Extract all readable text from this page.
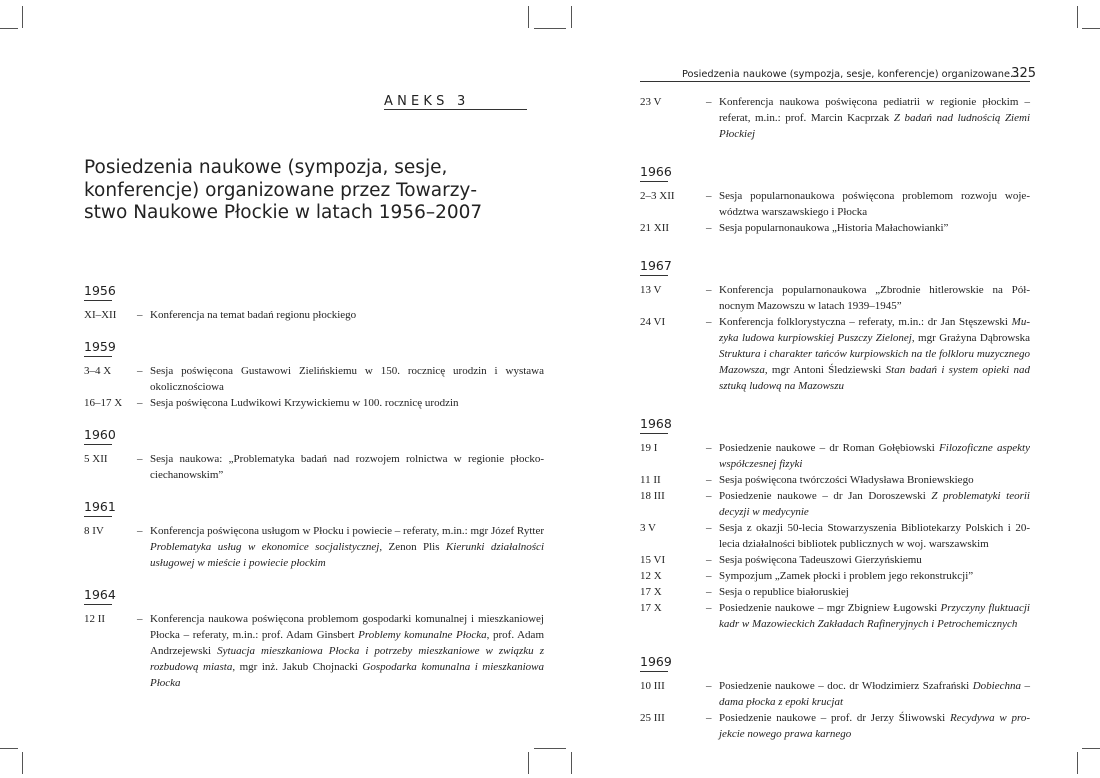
ANEKS 3
Posiedzenia naukowe (sympozja, sesje, konferencje) organizowane przez Towarzystwo Naukowe Płockie w latach 1956–2007
1956
XI–XII	– Konferencja na temat badań regionu płockiego
1959
3–4 X	– Sesja poświęcona Gustawowi Zielińskiemu w 150. rocznicę urodzin i wystawa okolicznościowa
16–17 X	– Sesja poświęcona Ludwikowi Krzywickiemu w 100. rocznicę urodzin
1960
5 XII	– Sesja naukowa: „Problematyka badań nad rozwojem rolnictwa w regionie płocko-ciechanowskim”
1961
8 IV	– Konferencja poświęcona usługom w Płocku i powiecie – referaty, m.in.: mgr Józef Rytter Problematyka usług w ekonomice socjalistycznej, Zenon Plis Kierunki działalności usługowej w mieście i powiecie płockim
1964
12 II	– Konferencja naukowa poświęcona problemom gospodarki komunalnej i mieszkaniowej Płocka – referaty, m.in.: prof. Adam Ginsbert Problemy komunalne Płocka, prof. Adam Andrzejewski Sytuacja mieszkaniowa Płocka i potrzeby mieszkaniowe w związku z rozbudową miasta, mgr inż. Jakub Chojnacki Gospodarka komunalna i mieszkaniowa Płocka
Posiedzenia naukowe (sympozja, sesje, konferencje) organizowane...
325
23 V	– Konferencja naukowa poświęcona pediatrii w regionie płockim – referat, m.in.: prof. Marcin Kacprzak Z badań nad ludnością Ziemi Płockiej
1966
2–3 XII	– Sesja popularnonaukowa poświęcona problemom rozwoju województwa warszawskiego i Płocka
21 XII	– Sesja popularnonaukowa „Historia Małachowianki”
1967
13 V	– Konferencja popularnonaukowa „Zbrodnie hitlerowskie na Północnym Mazowszu w latach 1939–1945”
24 VI	– Konferencja folklorystyczna – referaty, m.in.: dr Jan Stęszewski Muzyka ludowa kurpiowskiej Puszczy Zielonej, mgr Grażyna Dąbrowska Struktura i charakter tańców kurpiowskich na tle folkloru muzycznego Mazowsza, mgr Antoni Śledziewski Stan badań i system opieki nad sztuką ludową na Mazowszu
1968
19 I	– Posiedzenie naukowe – dr Roman Gołębiowski Filozoficzne aspekty współczesnej fizyki
11 II	– Sesja poświęcona twórczości Władysława Broniewskiego
18 III	– Posiedzenie naukowe – dr Jan Doroszewski Z problematyki teorii decyzji w medycynie
3 V	– Sesja z okazji 50-lecia Stowarzyszenia Bibliotekarzy Polskich i 20-lecia działalności bibliotek publicznych w woj. warszawskim
15 VI	– Sesja poświęcona Tadeuszowi Gierzyńskiemu
12 X	– Sympozjum „Zamek płocki i problem jego rekonstrukcji”
17 X	– Sesja o republice białoruskiej
17 X	– Posiedzenie naukowe – mgr Zbigniew Ługowski Przyczyny fluktuacji kadr w Mazowieckich Zakładach Rafineryjnych i Petrochemicznych
1969
10 III	– Posiedzenie naukowe – doc. dr Włodzimierz Szafrański Dobiechna – dama płocka z epoki krucjat
25 III	– Posiedzenie naukowe – prof. dr Jerzy Śliwowski Recydywa w projekcie nowego prawa karnego
